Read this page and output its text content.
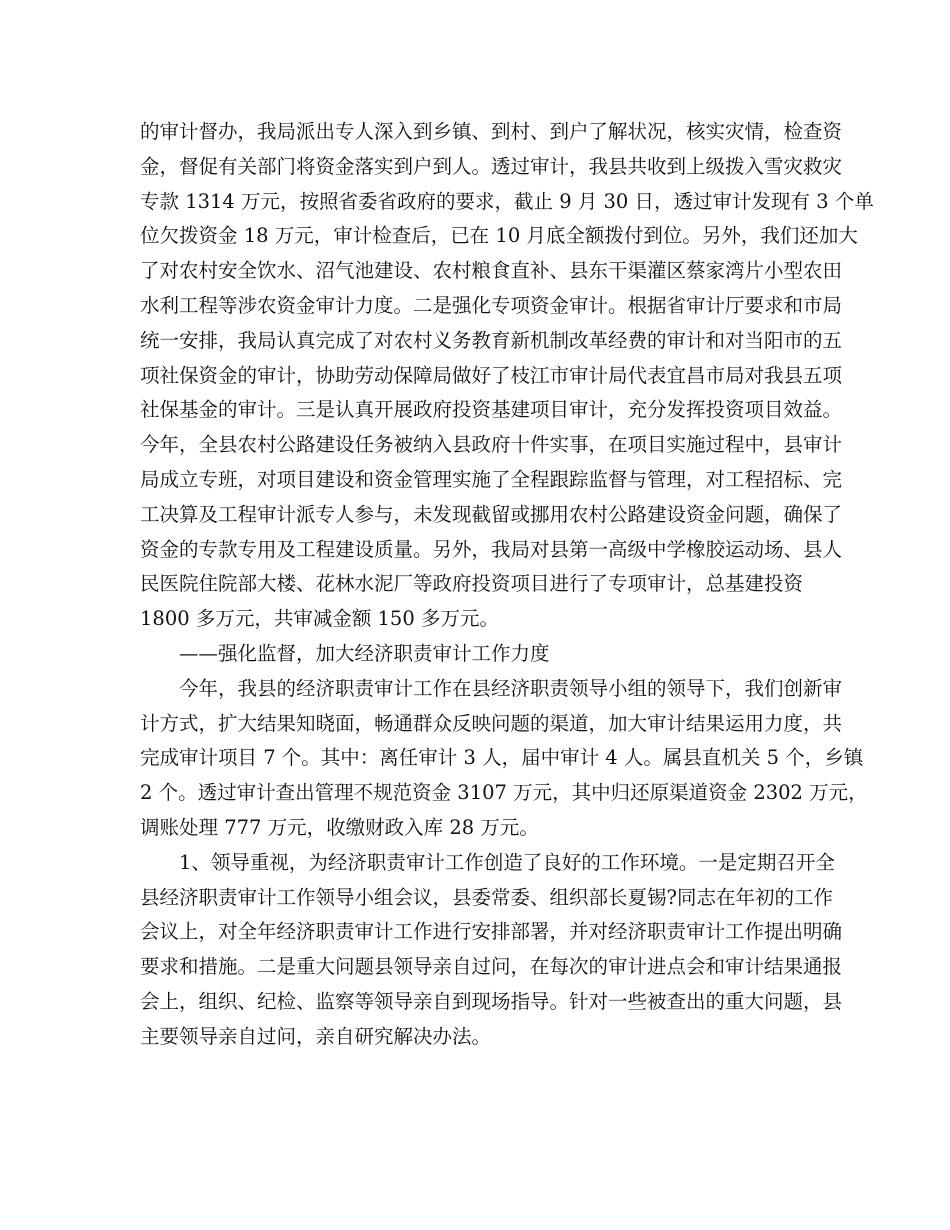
的审计督办，我局派出专人深入到乡镇、到村、到户了解状况，核实灾情，检查资
金，督促有关部门将资金落实到户到人。透过审计，我县共收到上级拨入雪灾救灾
专款 1314 万元，按照省委省政府的要求，截止 9 月 30 日，透过审计发现有 3 个单
位欠拨资金 18 万元，审计检查后，已在 10 月底全额拨付到位。另外，我们还加大
了对农村安全饮水、沼气池建设、农村粮食直补、县东干渠灌区蔡家湾片小型农田
水利工程等涉农资金审计力度。二是强化专项资金审计。根据省审计厅要求和市局
统一安排，我局认真完成了对农村义务教育新机制改革经费的审计和对当阳市的五
项社保资金的审计，协助劳动保障局做好了枝江市审计局代表宜昌市局对我县五项
社保基金的审计。三是认真开展政府投资基建项目审计，充分发挥投资项目效益。
今年，全县农村公路建设任务被纳入县政府十件实事，在项目实施过程中，县审计
局成立专班，对项目建设和资金管理实施了全程跟踪监督与管理，对工程招标、完
工决算及工程审计派专人参与，未发现截留或挪用农村公路建设资金问题，确保了
资金的专款专用及工程建设质量。另外，我局对县第一高级中学橡胶运动场、县人
民医院住院部大楼、花林水泥厂等政府投资项目进行了专项审计，总基建投资
1800 多万元，共审减金额 150 多万元。
——强化监督，加大经济职责审计工作力度
今年，我县的经济职责审计工作在县经济职责领导小组的领导下，我们创新审
计方式，扩大结果知晓面，畅通群众反映问题的渠道，加大审计结果运用力度，共
完成审计项目 7 个。其中：离任审计 3 人，届中审计 4 人。属县直机关 5 个，乡镇
2 个。透过审计查出管理不规范资金 3107 万元，其中归还原渠道资金 2302 万元，
调账处理 777 万元，收缴财政入库 28 万元。
1、领导重视，为经济职责审计工作创造了良好的工作环境。一是定期召开全
县经济职责审计工作领导小组会议，县委常委、组织部长夏锡?同志在年初的工作
会议上，对全年经济职责审计工作进行安排部署，并对经济职责审计工作提出明确
要求和措施。二是重大问题县领导亲自过问，在每次的审计进点会和审计结果通报
会上，组织、纪检、监察等领导亲自到现场指导。针对一些被查出的重大问题，县
主要领导亲自过问，亲自研究解决办法。
